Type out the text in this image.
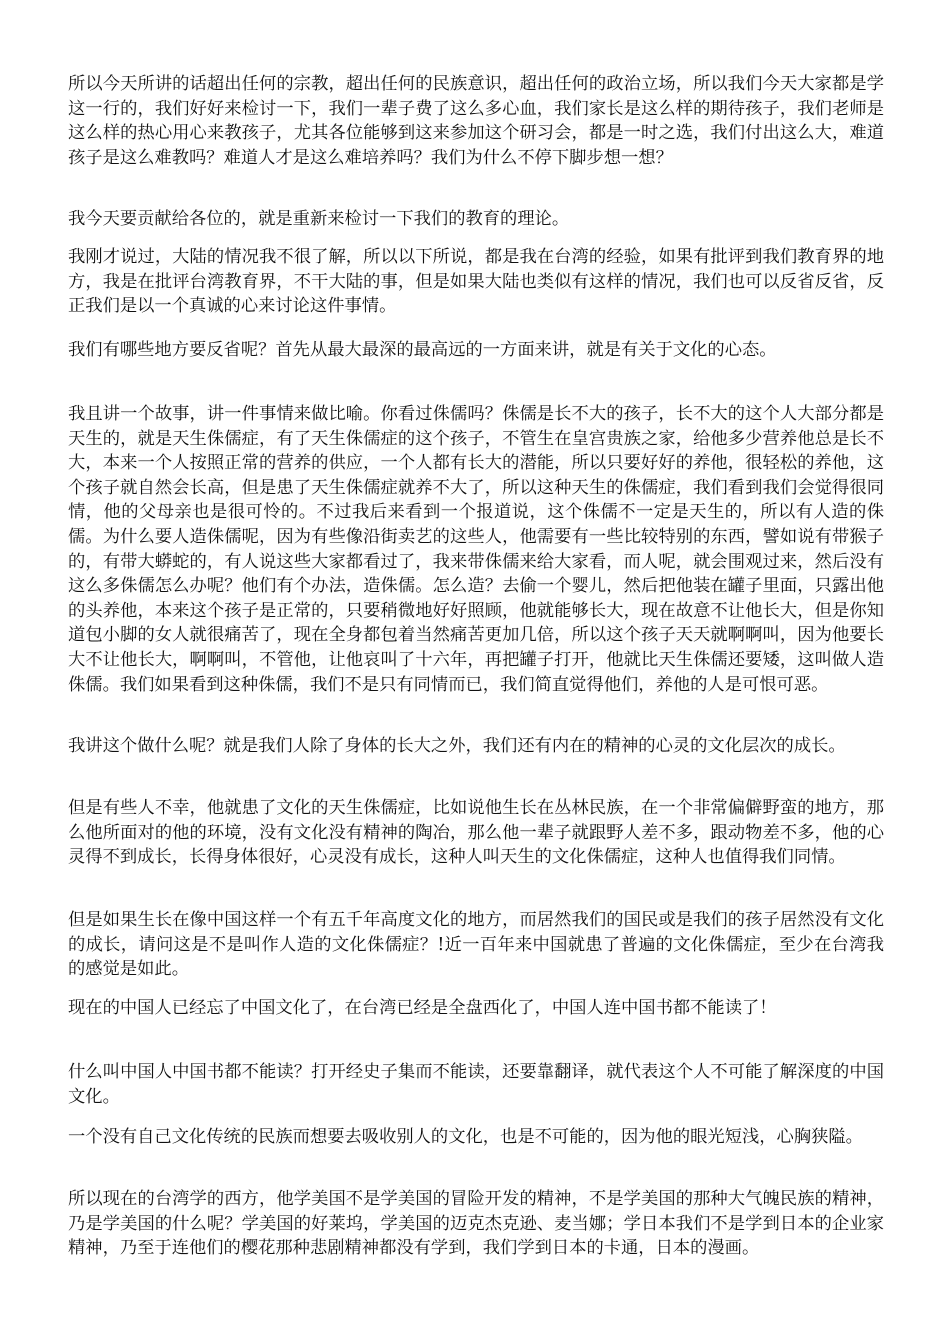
所以今天所讲的话超出任何的宗教，超出任何的民族意识，超出任何的政治立场，所以我们今天大家都是学这一行的，我们好好来检讨一下，我们一辈子费了这么多心血，我们家长是这么样的期待孩子，我们老师是这么样的热心用心来教孩子，尤其各位能够到这来参加这个研习会，都是一时之选，我们付出这么大，难道孩子是这么难教吗？难道人才是这么难培养吗？我们为什么不停下脚步想一想？

我今天要贡献给各位的，就是重新来检讨一下我们的教育的理论。

我刚才说过，大陆的情况我不很了解，所以以下所说，都是我在台湾的经验，如果有批评到我们教育界的地方，我是在批评台湾教育界，不干大陆的事，但是如果大陆也类似有这样的情况，我们也可以反省反省，反正我们是以一个真诚的心来讨论这件事情。

我们有哪些地方要反省呢？首先从最大最深的最高远的一方面来讲，就是有关于文化的心态。

我且讲一个故事，讲一件事情来做比喻。你看过侏儒吗？侏儒是长不大的孩子，长不大的这个人大部分都是天生的，就是天生侏儒症，有了天生侏儒症的这个孩子，不管生在皇宫贵族之家，给他多少营养他总是长不大，本来一个人按照正常的营养的供应，一个人都有长大的潜能，所以只要好好的养他，很轻松的养他，这个孩子就自然会长高，但是患了天生侏儒症就养不大了，所以这种天生的侏儒症，我们看到我们会觉得很同情，他的父母亲也是很可怜的。不过我后来看到一个报道说，这个侏儒不一定是天生的，所以有人造的侏儒。为什么要人造侏儒呢，因为有些像沿街卖艺的这些人，他需要有一些比较特别的东西，譬如说有带猴子的，有带大蟒蛇的，有人说这些大家都看过了，我来带侏儒来给大家看，而人呢，就会围观过来，然后没有这么多侏儒怎么办呢？他们有个办法，造侏儒。怎么造？去偷一个婴儿，然后把他装在罐子里面，只露出他的头养他，本来这个孩子是正常的，只要稍微地好好照顾，他就能够长大，现在故意不让他长大，但是你知道包小脚的女人就很痛苦了，现在全身都包着当然痛苦更加几倍，所以这个孩子天天就啊啊叫，因为他要长大不让他长大，啊啊叫，不管他，让他哀叫了十六年，再把罐子打开，他就比天生侏儒还要矮，这叫做人造侏儒。我们如果看到这种侏儒，我们不是只有同情而已，我们简直觉得他们，养他的人是可恨可恶。

我讲这个做什么呢？就是我们人除了身体的长大之外，我们还有内在的精神的心灵的文化层次的成长。

但是有些人不幸，他就患了文化的天生侏儒症，比如说他生长在丛林民族，在一个非常偏僻野蛮的地方，那么他所面对的他的环境，没有文化没有精神的陶冶，那么他一辈子就跟野人差不多，跟动物差不多，他的心灵得不到成长，长得身体很好，心灵没有成长，这种人叫天生的文化侏儒症，这种人也值得我们同情。

但是如果生长在像中国这样一个有五千年高度文化的地方，而居然我们的国民或是我们的孩子居然没有文化的成长，请问这是不是叫作人造的文化侏儒症？!近一百年来中国就患了普遍的文化侏儒症，至少在台湾我的感觉是如此。

现在的中国人已经忘了中国文化了，在台湾已经是全盘西化了，中国人连中国书都不能读了！

什么叫中国人中国书都不能读？打开经史子集而不能读，还要靠翻译，就代表这个人不可能了解深度的中国文化。

一个没有自己文化传统的民族而想要去吸收别人的文化，也是不可能的，因为他的眼光短浅，心胸狭隘。

所以现在的台湾学的西方，他学美国不是学美国的冒险开发的精神，不是学美国的那种大气魄民族的精神，乃是学美国的什么呢？学美国的好莱坞，学美国的迈克杰克逊、麦当娜；学日本我们不是学到日本的企业家精神，乃至于连他们的樱花那种悲剧精神都没有学到，我们学到日本的卡通，日本的漫画。
